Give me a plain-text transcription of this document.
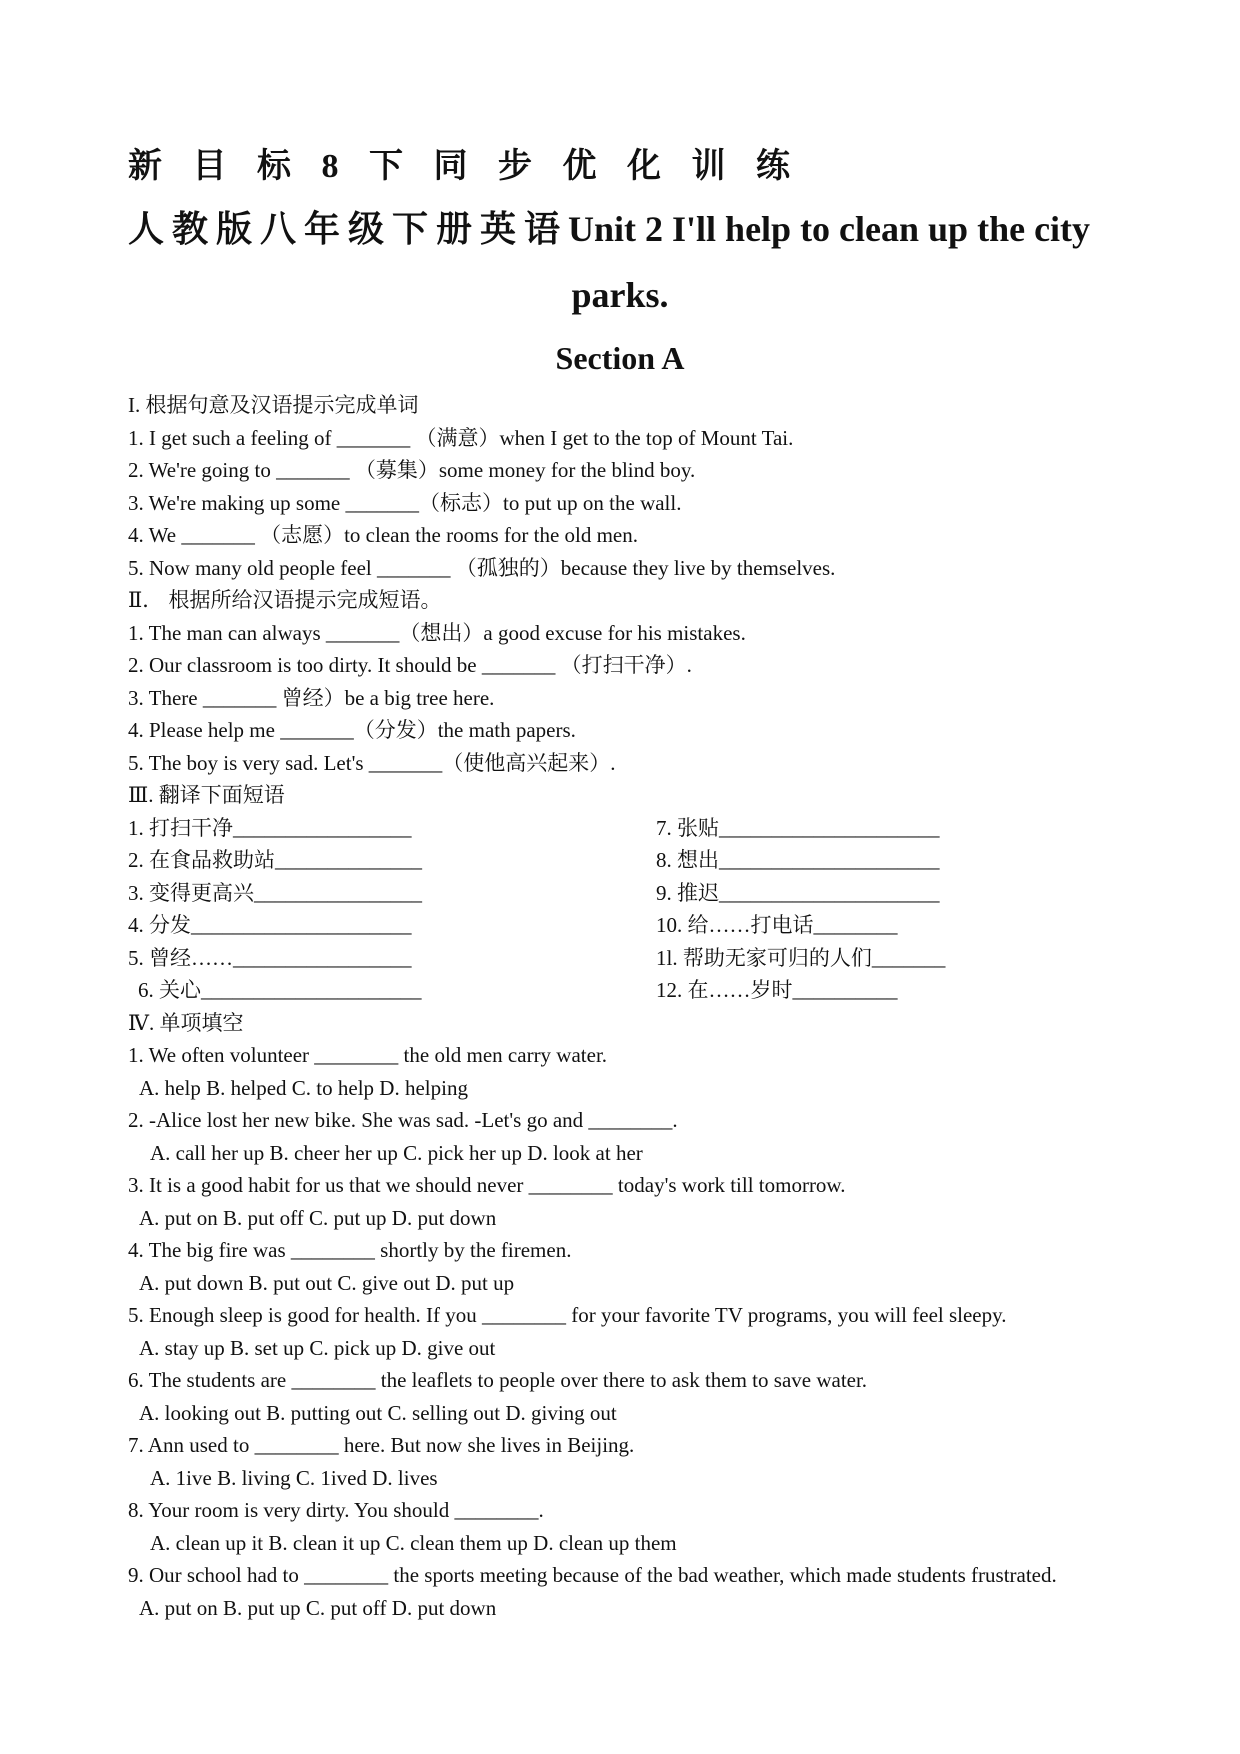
新 目 标 8 下 同 步 优 化 训 练
人教版八年级下册英语Unit 2 I'll help to clean up the city
parks.
Section A
I. 根据句意及汉语提示完成单词
1. I get such a feeling of _______ （满意）when I get to the top of Mount Tai.
2. We're going to _______ （募集）some money for the blind boy.
3. We're making up some _______（标志）to put up on the wall.
4. We _______ （志愿）to clean the rooms for the old men.
5. Now many old people feel _______ （孤独的）because they live by themselves.
Ⅱ． 根据所给汉语提示完成短语。
1. The man can always _______（想出）a good excuse for his mistakes.
2. Our classroom is too dirty. It should be _______ （打扫干净）.
3. There _______ 曾经）be a big tree here.
4. Please help me _______（分发）the math papers.
5. The boy is very sad. Let's _______（使他高兴起来）.
Ⅲ. 翻译下面短语
1. 打扫干净_________________	7. 张贴_____________________
2. 在食品救助站______________	8. 想出_____________________
3. 变得更高兴________________	9. 推迟_____________________
4. 分发_____________________	10. 给……打电话________
5. 曾经……_________________	1l. 帮助无家可归的人们_______
6. 关心_____________________	12. 在……岁时__________
Ⅳ. 单项填空
1. We often volunteer ________ the old men carry water.
A. help B. helped C. to help D. helping
2. -Alice lost her new bike. She was sad. -Let's go and ________.
A. call her up B. cheer her up C. pick her up D. look at her
3. It is a good habit for us that we should never ________ today's work till tomorrow.
A. put on B. put off C. put up D. put down
4. The big fire was ________ shortly by the firemen.
A. put down B. put out C. give out D. put up
5. Enough sleep is good for health. If you ________ for your favorite TV programs, you will feel sleepy.
A. stay up B. set up C. pick up D. give out
6. The students are ________ the leaflets to people over there to ask them to save water.
A. looking out B. putting out C. selling out D. giving out
7. Ann used to ________ here. But now she lives in Beijing.
A. 1ive B. living C. 1ived D. lives
8. Your room is very dirty. You should ________.
A. clean up it B. clean it up C. clean them up D. clean up them
9. Our school had to ________ the sports meeting because of the bad weather, which made students frustrated.
A. put on B. put up C. put off D. put down
